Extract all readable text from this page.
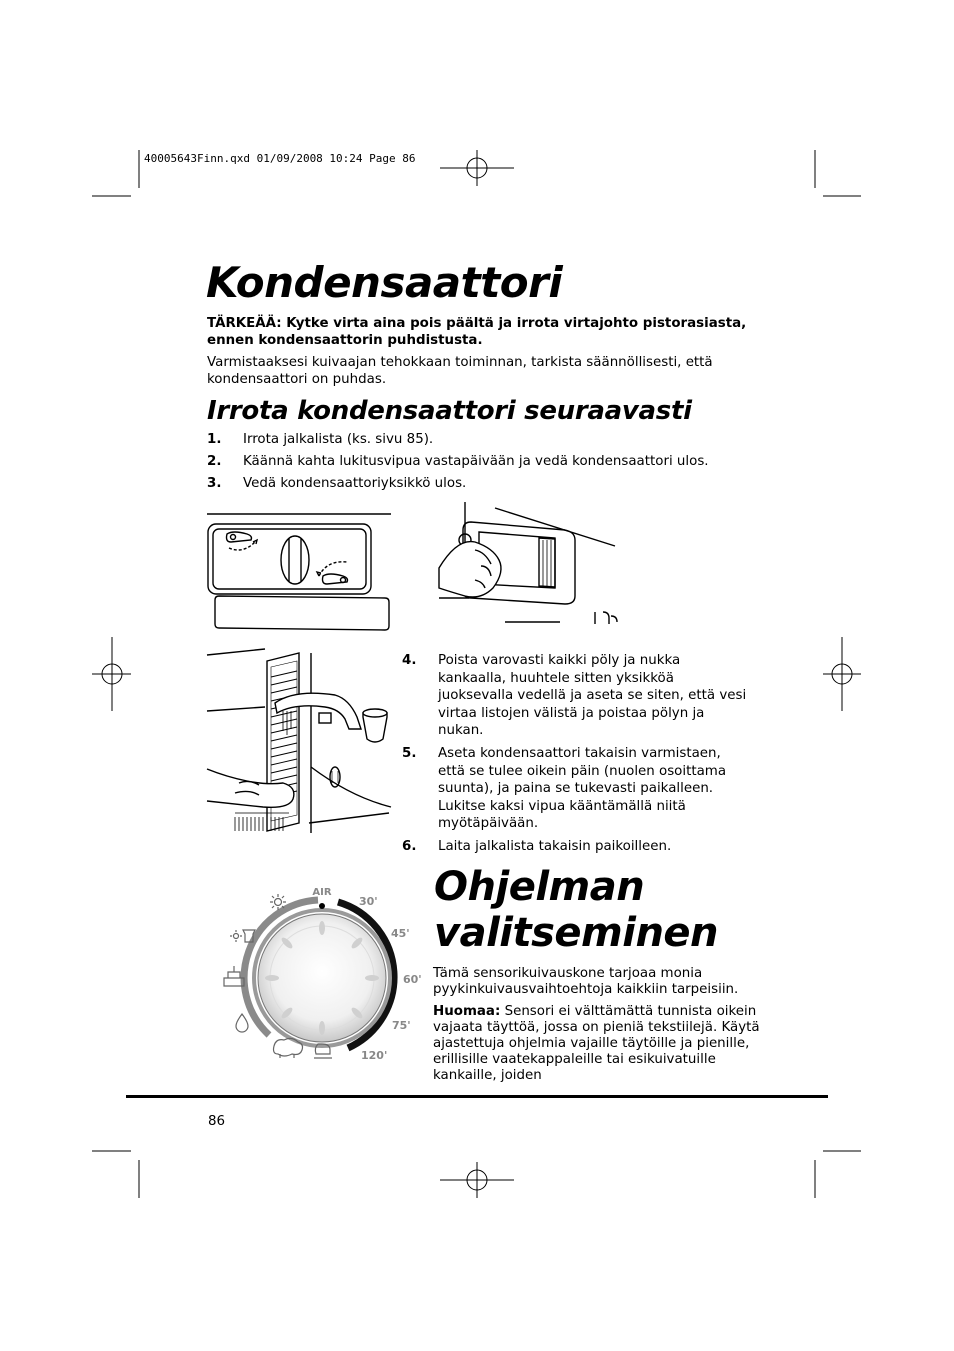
40005643Finn.qxd 01/09/2008 10:24 Page 86
Kondensaattori
TÄRKEÄÄ: Kytke virta aina pois päältä ja irrota virtajohto pistorasiasta, ennen kondensaattorin puhdistusta.
Varmistaaksesi kuivaajan tehokkaan toiminnan, tarkista säännöllisesti, että kondensaattori on puhdas.
Irrota kondensaattori seuraavasti
1.	Irrota jalkalista (ks. sivu 85).
2.	Käännä kahta lukitusvipua vastapäivään ja vedä kondensaattori ulos.
3.	Vedä kondensaattoriyksikkö ulos.
4.	Poista varovasti kaikki pöly ja nukka kankaalla, huuhtele sitten yksikköä juoksevalla vedellä ja aseta se siten, että vesi virtaa listojen välistä ja poistaa pölyn ja nukan.
5.	Aseta kondensaattori takaisin varmistaen, että se tulee oikein päin (nuolen osoittama suunta), ja paina se tukevasti paikalleen. Lukitse kaksi vipua kääntämällä niitä myötäpäivään.
6.	Laita jalkalista takaisin paikoilleen.
AIR
30'
45'
60'
75'
120'
Ohjelman valitseminen
Tämä sensorikuivauskone tarjoaa monia pyykinkuivausvaihtoehtoja kaikkiin tarpeisiin.
Huomaa: Sensori ei välttämättä tunnista oikein vajaata täyttöä, jossa on pieniä tekstiilejä. Käytä ajastettuja ohjelmia vajaille täytöille ja pienille, erillisille vaatekappaleille tai esikuivatuille kankaille, joiden
86
